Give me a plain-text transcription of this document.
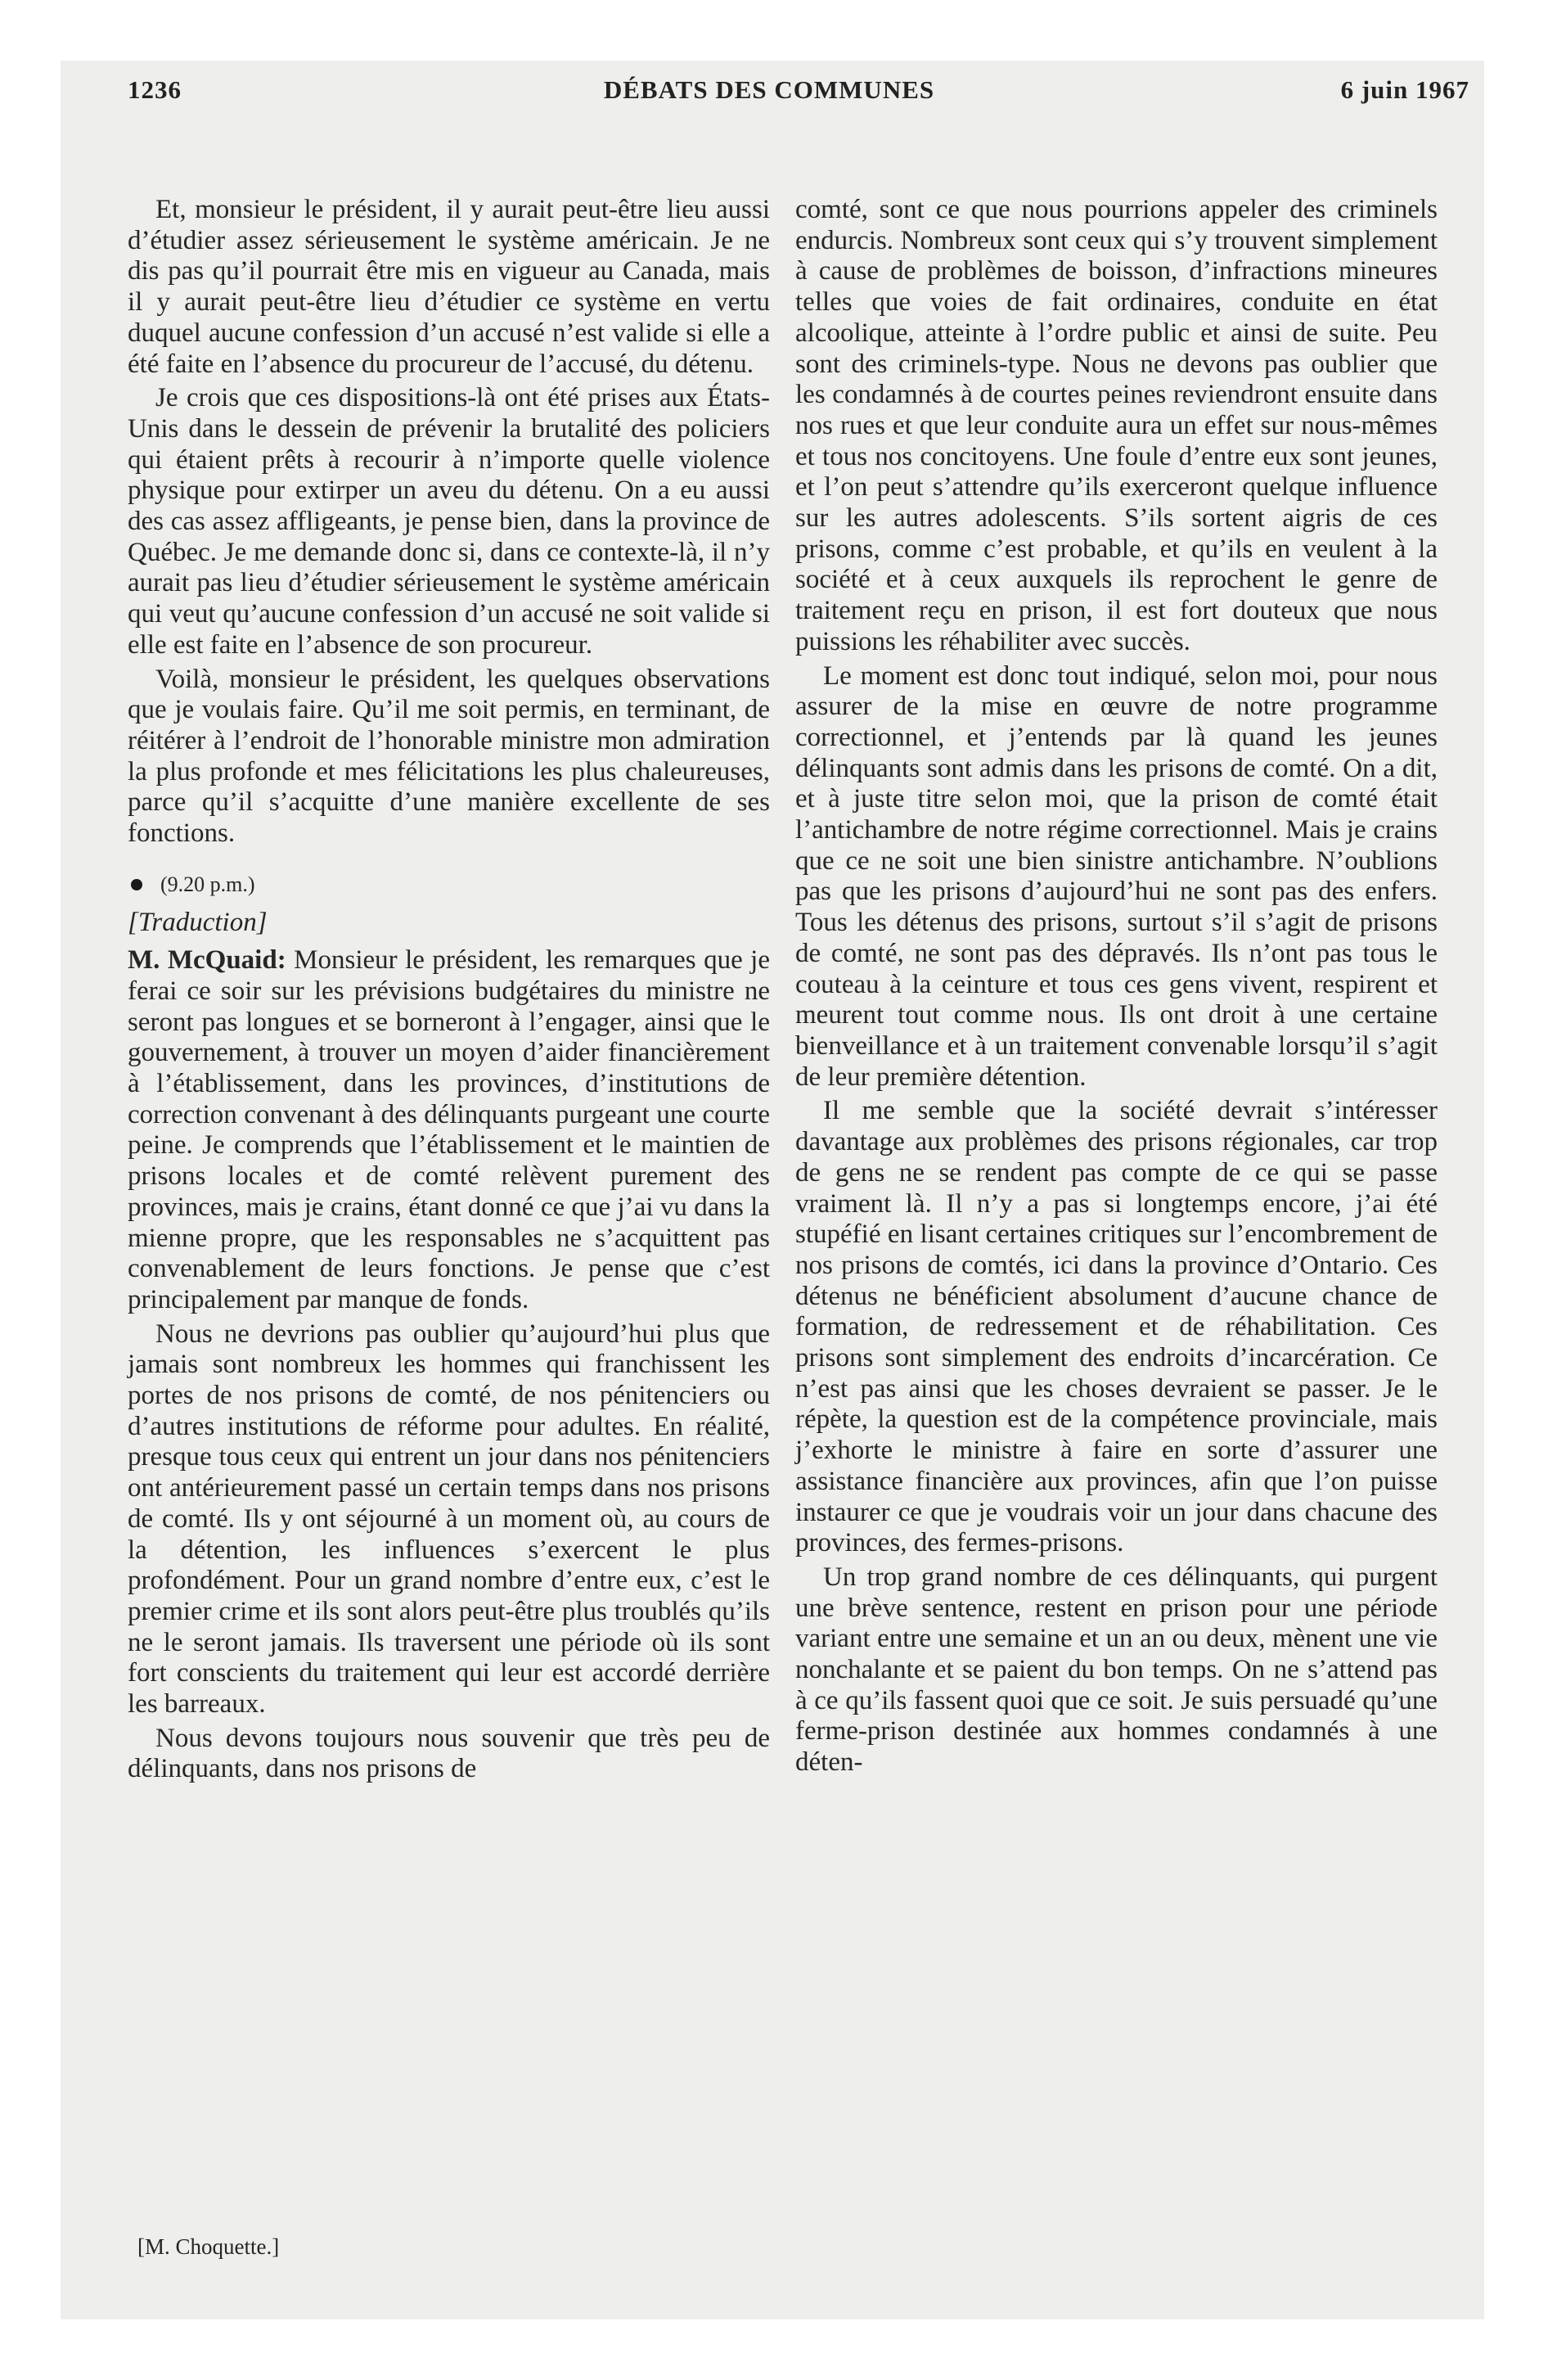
1236	DÉBATS DES COMMUNES	6 juin 1967

Et, monsieur le président, il y aurait peut-être lieu aussi d’étudier assez sérieusement le système américain. Je ne dis pas qu’il pourrait être mis en vigueur au Canada, mais il y aurait peut-être lieu d’étudier ce système en vertu duquel aucune confession d’un accusé n’est valide si elle a été faite en l’absence du procureur de l’accusé, du détenu.

Je crois que ces dispositions-là ont été prises aux États-Unis dans le dessein de prévenir la brutalité des policiers qui étaient prêts à recourir à n’importe quelle violence physique pour extirper un aveu du détenu. On a eu aussi des cas assez affligeants, je pense bien, dans la province de Québec. Je me demande donc si, dans ce contexte-là, il n’y aurait pas lieu d’étudier sérieusement le système américain qui veut qu’aucune confession d’un accusé ne soit valide si elle est faite en l’absence de son procureur.

Voilà, monsieur le président, les quelques observations que je voulais faire. Qu’il me soit permis, en terminant, de réitérer à l’endroit de l’honorable ministre mon admiration la plus profonde et mes félicitations les plus chaleureuses, parce qu’il s’acquitte d’une manière excellente de ses fonctions.

(9.20 p.m.)
[Traduction]

M. McQuaid: Monsieur le président, les remarques que je ferai ce soir sur les prévisions budgétaires du ministre ne seront pas longues et se borneront à l’engager, ainsi que le gouvernement, à trouver un moyen d’aider financièrement à l’établissement, dans les provinces, d’institutions de correction convenant à des délinquants purgeant une courte peine. Je comprends que l’établissement et le maintien de prisons locales et de comté relèvent purement des provinces, mais je crains, étant donné ce que j’ai vu dans la mienne propre, que les responsables ne s’acquittent pas convenablement de leurs fonctions. Je pense que c’est principalement par manque de fonds.

Nous ne devrions pas oublier qu’aujourd’hui plus que jamais sont nombreux les hommes qui franchissent les portes de nos prisons de comté, de nos pénitenciers ou d’autres institutions de réforme pour adultes. En réalité, presque tous ceux qui entrent un jour dans nos pénitenciers ont antérieurement passé un certain temps dans nos prisons de comté. Ils y ont séjourné à un moment où, au cours de la détention, les influences s’exercent le plus profondément. Pour un grand nombre d’entre eux, c’est le premier crime et ils sont alors peut-être plus troublés qu’ils ne le seront jamais. Ils traversent une période où ils sont fort conscients du traitement qui leur est accordé derrière les barreaux.

Nous devons toujours nous souvenir que très peu de délinquants, dans nos prisons de

comté, sont ce que nous pourrions appeler des criminels endurcis. Nombreux sont ceux qui s’y trouvent simplement à cause de problèmes de boisson, d’infractions mineures telles que voies de fait ordinaires, conduite en état alcoolique, atteinte à l’ordre public et ainsi de suite. Peu sont des criminels-type. Nous ne devons pas oublier que les condamnés à de courtes peines reviendront ensuite dans nos rues et que leur conduite aura un effet sur nous-mêmes et tous nos concitoyens. Une foule d’entre eux sont jeunes, et l’on peut s’attendre qu’ils exerceront quelque influence sur les autres adolescents. S’ils sortent aigris de ces prisons, comme c’est probable, et qu’ils en veulent à la société et à ceux auxquels ils reprochent le genre de traitement reçu en prison, il est fort douteux que nous puissions les réhabiliter avec succès.

Le moment est donc tout indiqué, selon moi, pour nous assurer de la mise en œuvre de notre programme correctionnel, et j’entends par là quand les jeunes délinquants sont admis dans les prisons de comté. On a dit, et à juste titre selon moi, que la prison de comté était l’antichambre de notre régime correctionnel. Mais je crains que ce ne soit une bien sinistre antichambre. N’oublions pas que les prisons d’aujourd’hui ne sont pas des enfers. Tous les détenus des prisons, surtout s’il s’agit de prisons de comté, ne sont pas des dépravés. Ils n’ont pas tous le couteau à la ceinture et tous ces gens vivent, respirent et meurent tout comme nous. Ils ont droit à une certaine bienveillance et à un traitement convenable lorsqu’il s’agit de leur première détention.

Il me semble que la société devrait s’intéresser davantage aux problèmes des prisons régionales, car trop de gens ne se rendent pas compte de ce qui se passe vraiment là. Il n’y a pas si longtemps encore, j’ai été stupéfié en lisant certaines critiques sur l’encombrement de nos prisons de comtés, ici dans la province d’Ontario. Ces détenus ne bénéficient absolument d’aucune chance de formation, de redressement et de réhabilitation. Ces prisons sont simplement des endroits d’incarcération. Ce n’est pas ainsi que les choses devraient se passer. Je le répète, la question est de la compétence provinciale, mais j’exhorte le ministre à faire en sorte d’assurer une assistance financière aux provinces, afin que l’on puisse instaurer ce que je voudrais voir un jour dans chacune des provinces, des fermes-prisons.

Un trop grand nombre de ces délinquants, qui purgent une brève sentence, restent en prison pour une période variant entre une semaine et un an ou deux, mènent une vie nonchalante et se paient du bon temps. On ne s’attend pas à ce qu’ils fassent quoi que ce soit. Je suis persuadé qu’une ferme-prison destinée aux hommes condamnés à une déten-

[M. Choquette.]
